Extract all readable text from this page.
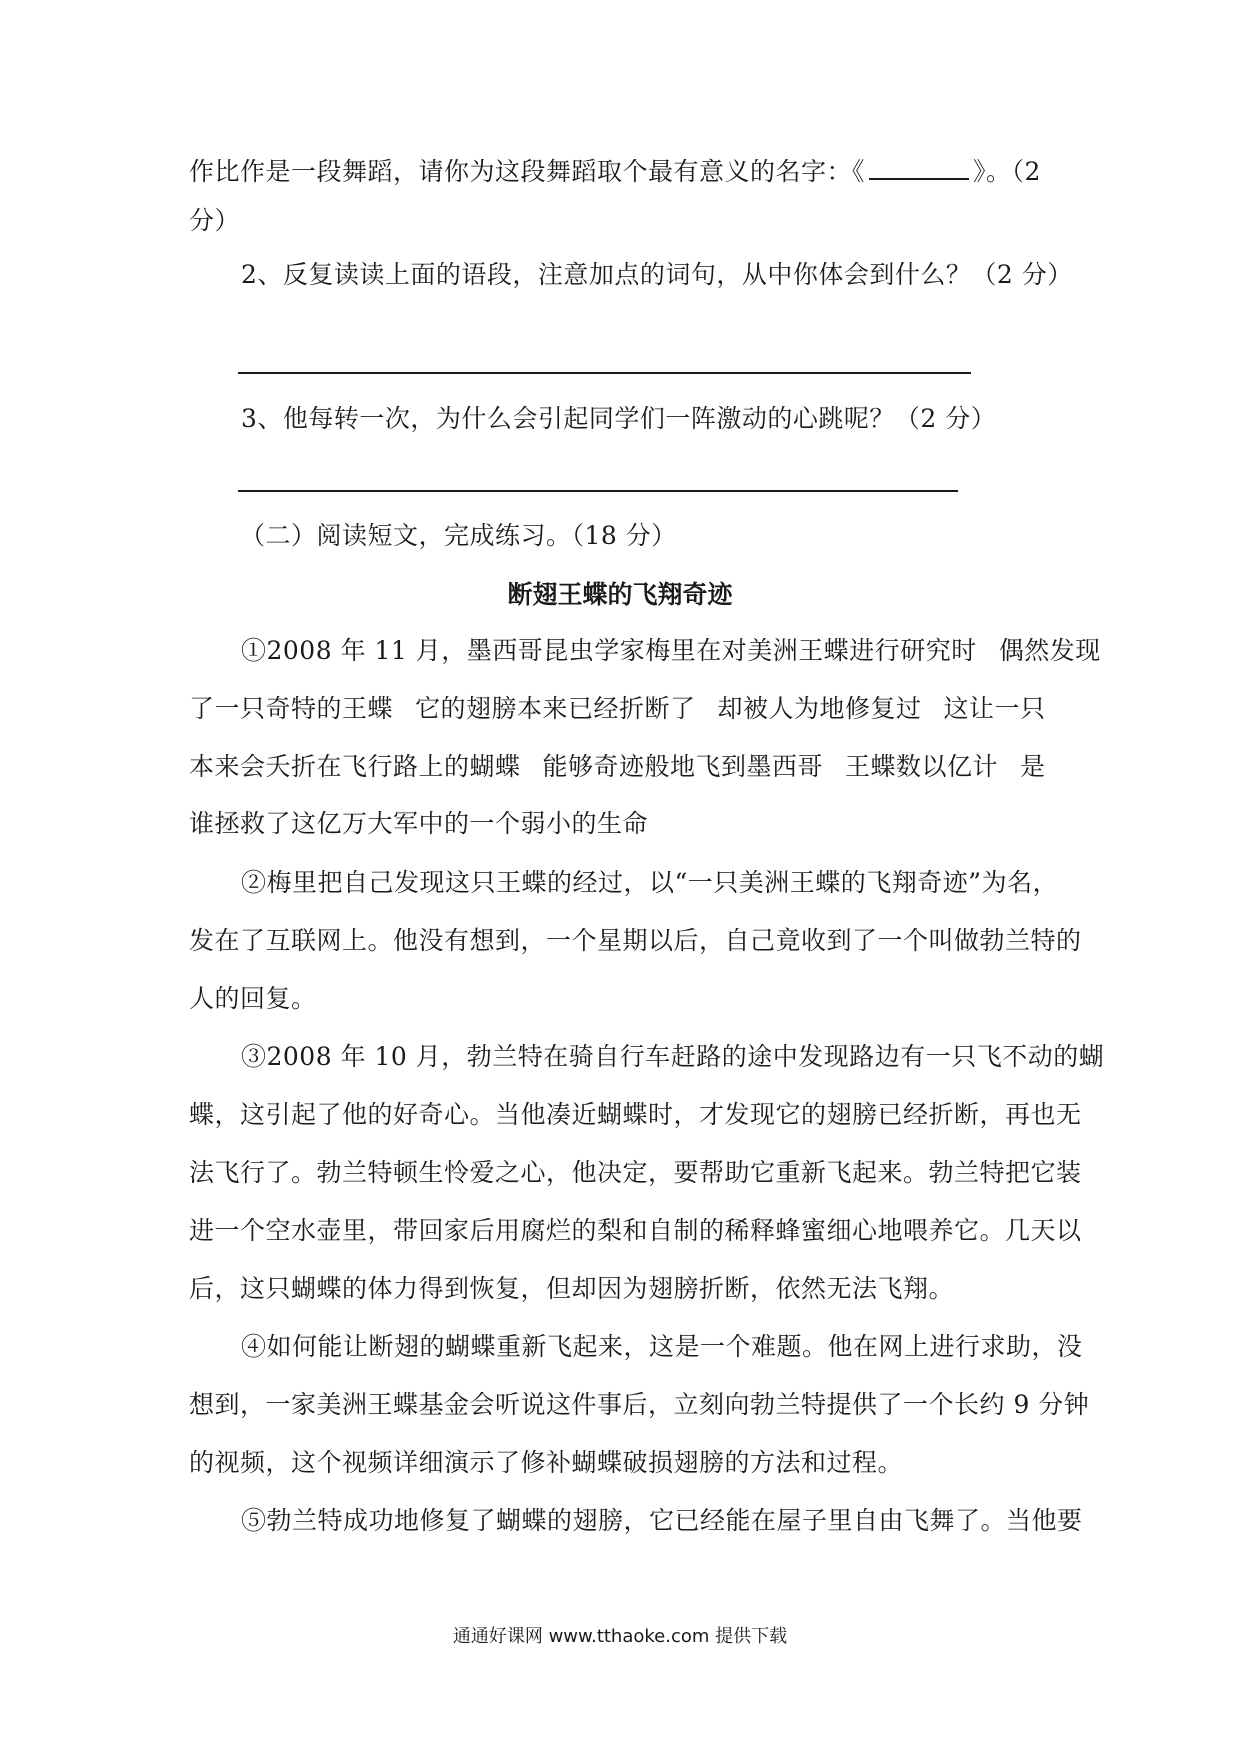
作比作是一段舞蹈，请你为这段舞蹈取个最有意义的名字：《	》。（2
分）
2、反复读读上面的语段，注意加点的词句，从中你体会到什么？（2 分）
3、他每转一次，为什么会引起同学们一阵激动的心跳呢？（2 分）
（二）阅读短文，完成练习。（18 分）
断翅王蝶的飞翔奇迹
①2008 年 11 月，墨西哥昆虫学家梅里在对美洲王蝶进行研究时 偶然发现
了一只奇特的王蝶 它的翅膀本来已经折断了 却被人为地修复过 这让一只
本来会夭折在飞行路上的蝴蝶 能够奇迹般地飞到墨西哥 王蝶数以亿计 是
谁拯救了这亿万大军中的一个弱小的生命
②梅里把自己发现这只王蝶的经过，以“一只美洲王蝶的飞翔奇迹”为名，
发在了互联网上。他没有想到，一个星期以后，自己竟收到了一个叫做勃兰特的
人的回复。
③2008 年 10 月，勃兰特在骑自行车赶路的途中发现路边有一只飞不动的蝴
蝶，这引起了他的好奇心。当他凑近蝴蝶时，才发现它的翅膀已经折断，再也无
法飞行了。勃兰特顿生怜爱之心，他决定，要帮助它重新飞起来。勃兰特把它装
进一个空水壶里，带回家后用腐烂的梨和自制的稀释蜂蜜细心地喂养它。几天以
后，这只蝴蝶的体力得到恢复，但却因为翅膀折断，依然无法飞翔。
④如何能让断翅的蝴蝶重新飞起来，这是一个难题。他在网上进行求助，没
想到，一家美洲王蝶基金会听说这件事后，立刻向勃兰特提供了一个长约 9 分钟
的视频，这个视频详细演示了修补蝴蝶破损翅膀的方法和过程。
⑤勃兰特成功地修复了蝴蝶的翅膀，它已经能在屋子里自由飞舞了。当他要
通通好课网 www.tthaoke.com 提供下载
